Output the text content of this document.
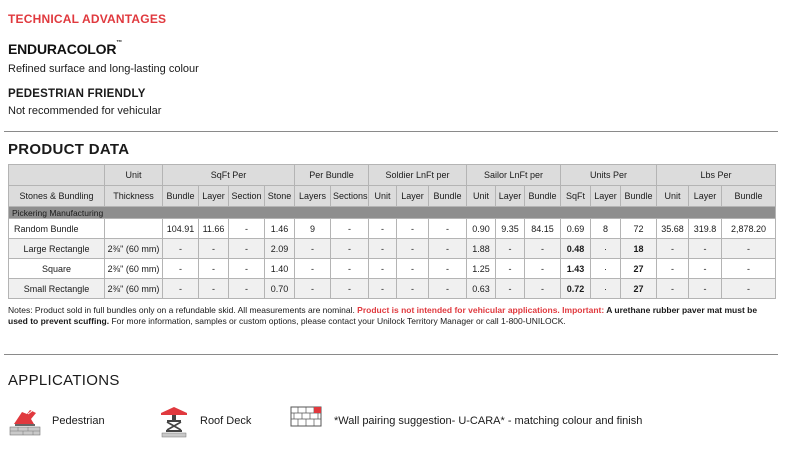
TECHNICAL ADVANTAGES
ENDURACOLOR™
Refined surface and long-lasting colour
PEDESTRIAN FRIENDLY
Not recommended for vehicular
PRODUCT DATA
	Unit	SqFt Per				Per Bundle		Soldier LnFt per			Sailor LnFt per			Units Per			Lbs Per		
Stones & Bundling	Thickness	Bundle	Layer	Section	Stone	Layers	Sections	Unit	Layer	Bundle	Unit	Layer	Bundle	SqFt	Layer	Bundle	Unit	Layer	Bundle
Pickering Manufacturing																			
Random Bundle		104.91	11.66	-	1.46	9	-	-	-	-	0.90	9.35	84.15	0.69	8	72	35.68	319.8	2,878.20
Large Rectangle	2⅜" (60 mm)	-	-	-	2.09	-	-	-	-	-	1.88	-	-	0.48	·	18	-	-	-
Square	2⅜" (60 mm)	-	-	-	1.40	-	-	-	-	-	1.25	-	-	1.43	·	27	-	-	-
Small Rectangle	2⅜" (60 mm)	-	-	-	0.70	-	-	-	-	-	0.63	-	-	0.72	·	27	-	-	-
Notes: Product sold in full bundles only on a refundable skid. All measurements are nominal. Product is not intended for vehicular applications. Important: A urethane rubber paver mat must be used to prevent scuffing. For more information, samples or custom options, please contact your Unilock Territory Manager or call 1-800-UNILOCK.
APPLICATIONS
Pedestrian	Roof Deck	*Wall pairing suggestion- U-CARA* - matching colour and finish
